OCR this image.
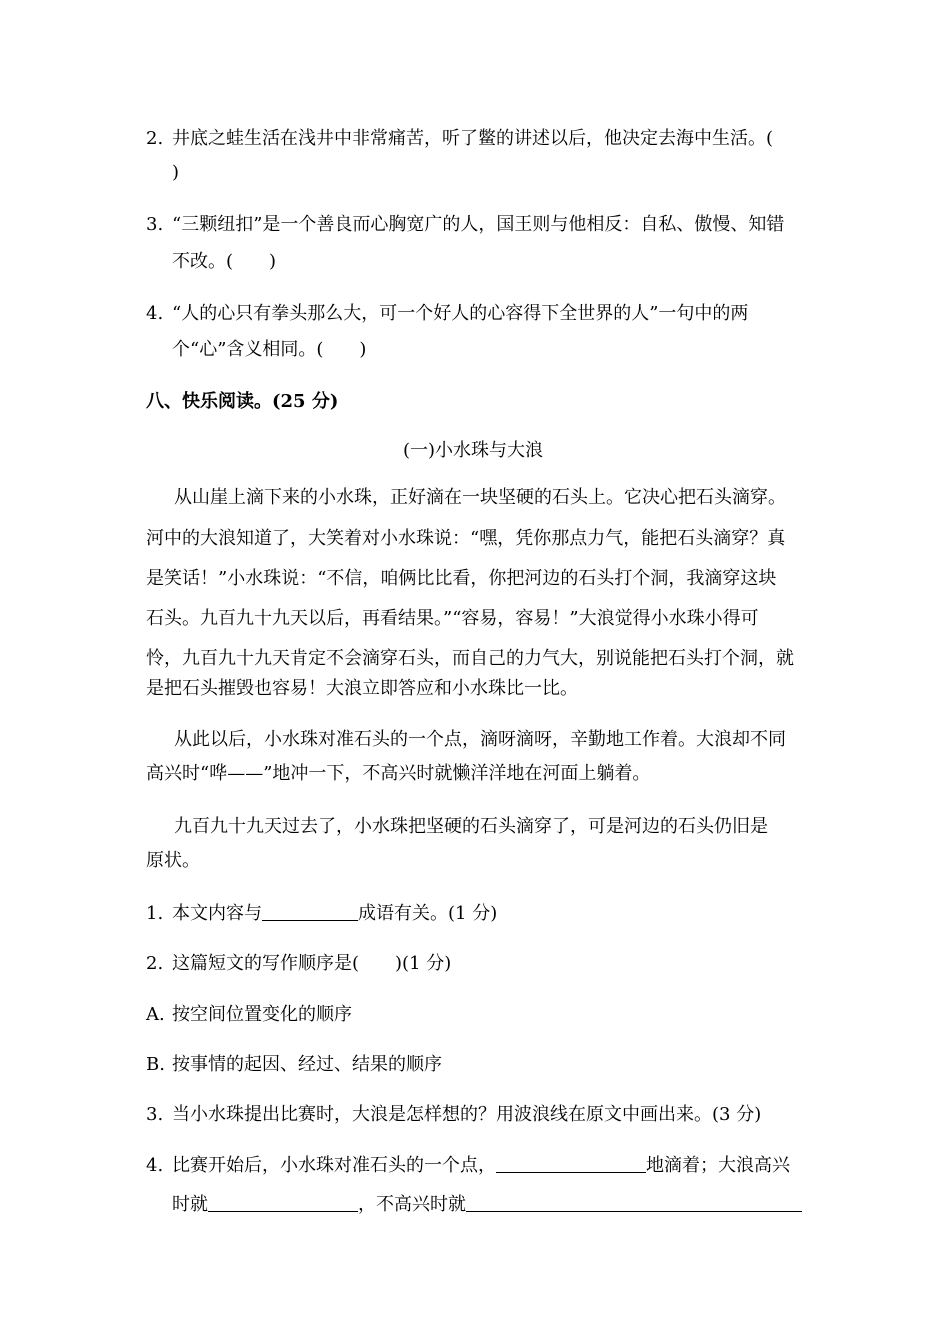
2. 井底之蛙生活在浅井中非常痛苦，听了鳖的讲述以后，他决定去海中生活。(
)
3. “三颗纽扣”是一个善良而心胸宽广的人，国王则与他相反：自私、傲慢、知错
不改。(　　)
4. “人的心只有拳头那么大，可一个好人的心容得下全世界的人”一句中的两
个“心”含义相同。(　　)
八、快乐阅读。(25 分)
(一)小水珠与大浪
从山崖上滴下来的小水珠，正好滴在一块坚硬的石头上。它决心把石头滴穿。
河中的大浪知道了，大笑着对小水珠说：“嘿，凭你那点力气，能把石头滴穿？真
是笑话！”小水珠说：“不信，咱俩比比看，你把河边的石头打个洞，我滴穿这块
石头。九百九十九天以后，再看结果。”“容易，容易！”大浪觉得小水珠小得可
怜，九百九十九天肯定不会滴穿石头，而自己的力气大，别说能把石头打个洞，就
是把石头摧毁也容易！大浪立即答应和小水珠比一比。
从此以后，小水珠对准石头的一个点，滴呀滴呀，辛勤地工作着。大浪却不同
高兴时“哗——”地冲一下，不高兴时就懒洋洋地在河面上躺着。
九百九十九天过去了，小水珠把坚硬的石头滴穿了，可是河边的石头仍旧是
原状。
1. 本文内容与	成语有关。(1 分)
2. 这篇短文的写作顺序是(　　)(1 分)
A. 按空间位置变化的顺序
B. 按事情的起因、经过、结果的顺序
3. 当小水珠提出比赛时，大浪是怎样想的？用波浪线在原文中画出来。(3 分)
4. 比赛开始后，小水珠对准石头的一个点，	地滴着；大浪高兴
时就	，不高兴时就
